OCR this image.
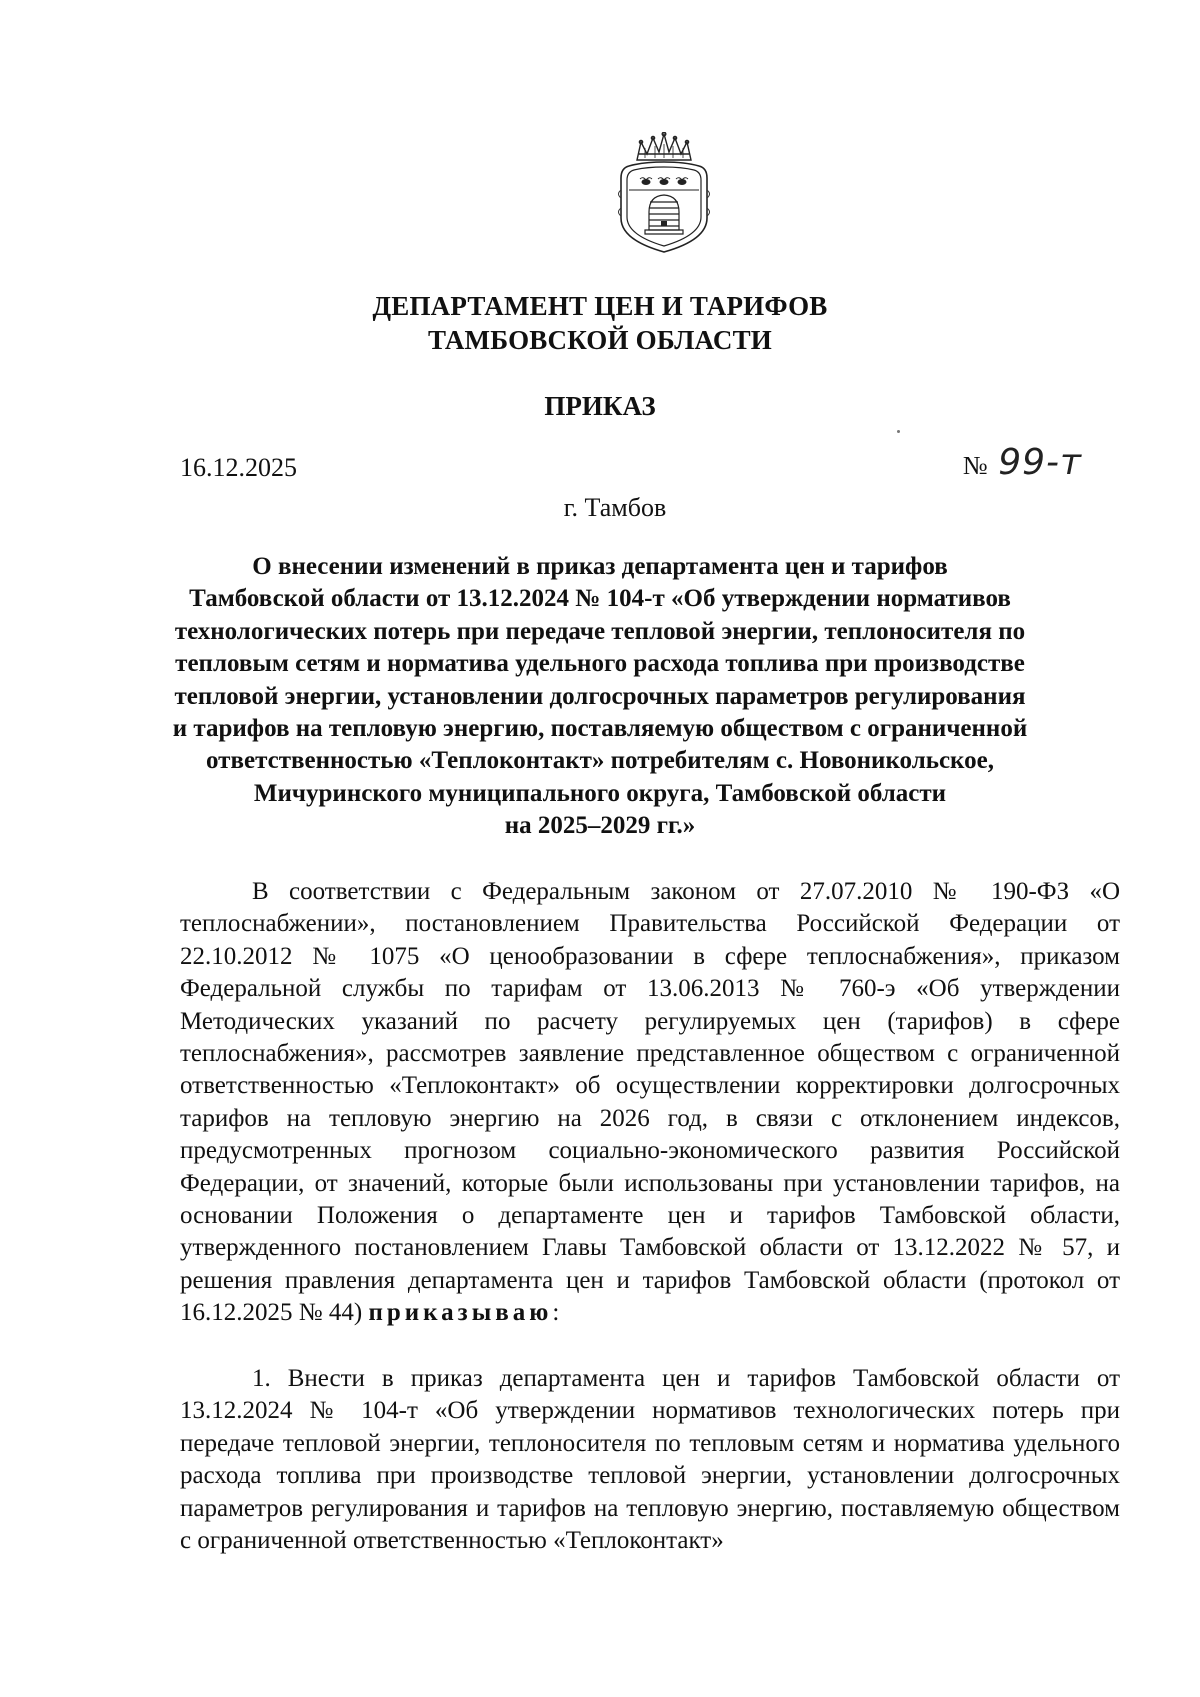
ДЕПАРТАМЕНТ ЦЕН И ТАРИФОВ
ТАМБОВСКОЙ ОБЛАСТИ
ПРИКАЗ
16.12.2025	№ 99-т
г. Тамбов
О внесении изменений в приказ департамента цен и тарифов
Тамбовской области от 13.12.2024 № 104-т «Об утверждении нормативов
технологических потерь при передаче тепловой энергии, теплоносителя по
тепловым сетям и норматива удельного расхода топлива при производстве
тепловой энергии, установлении долгосрочных параметров регулирования
и тарифов на тепловую энергию, поставляемую обществом с ограниченной
ответственностью «Теплоконтакт» потребителям с. Новоникольское,
Мичуринского муниципального округа, Тамбовской области
на 2025–2029 гг.»
В соответствии с Федеральным законом от 27.07.2010 № 190-ФЗ «О теплоснабжении», постановлением Правительства Российской Федерации от 22.10.2012 № 1075 «О ценообразовании в сфере теплоснабжения», приказом Федеральной службы по тарифам от 13.06.2013 № 760-э «Об утверждении Методических указаний по расчету регулируемых цен (тарифов) в сфере теплоснабжения», рассмотрев заявление представленное обществом с ограниченной ответственностью «Теплоконтакт» об осуществлении корректировки долгосрочных тарифов на тепловую энергию на 2026 год, в связи с отклонением индексов, предусмотренных прогнозом социально-экономического развития Российской Федерации, от значений, которые были использованы при установлении тарифов, на основании Положения о департаменте цен и тарифов Тамбовской области, утвержденного постановлением Главы Тамбовской области от 13.12.2022 № 57, и решения правления департамента цен и тарифов Тамбовской области (протокол от 16.12.2025 № 44) приказываю:
1. Внести в приказ департамента цен и тарифов Тамбовской области от 13.12.2024 № 104-т «Об утверждении нормативов технологических потерь при передаче тепловой энергии, теплоносителя по тепловым сетям и норматива удельного расхода топлива при производстве тепловой энергии, установлении долгосрочных параметров регулирования и тарифов на тепловую энергию, поставляемую обществом с ограниченной ответственностью «Теплоконтакт»
